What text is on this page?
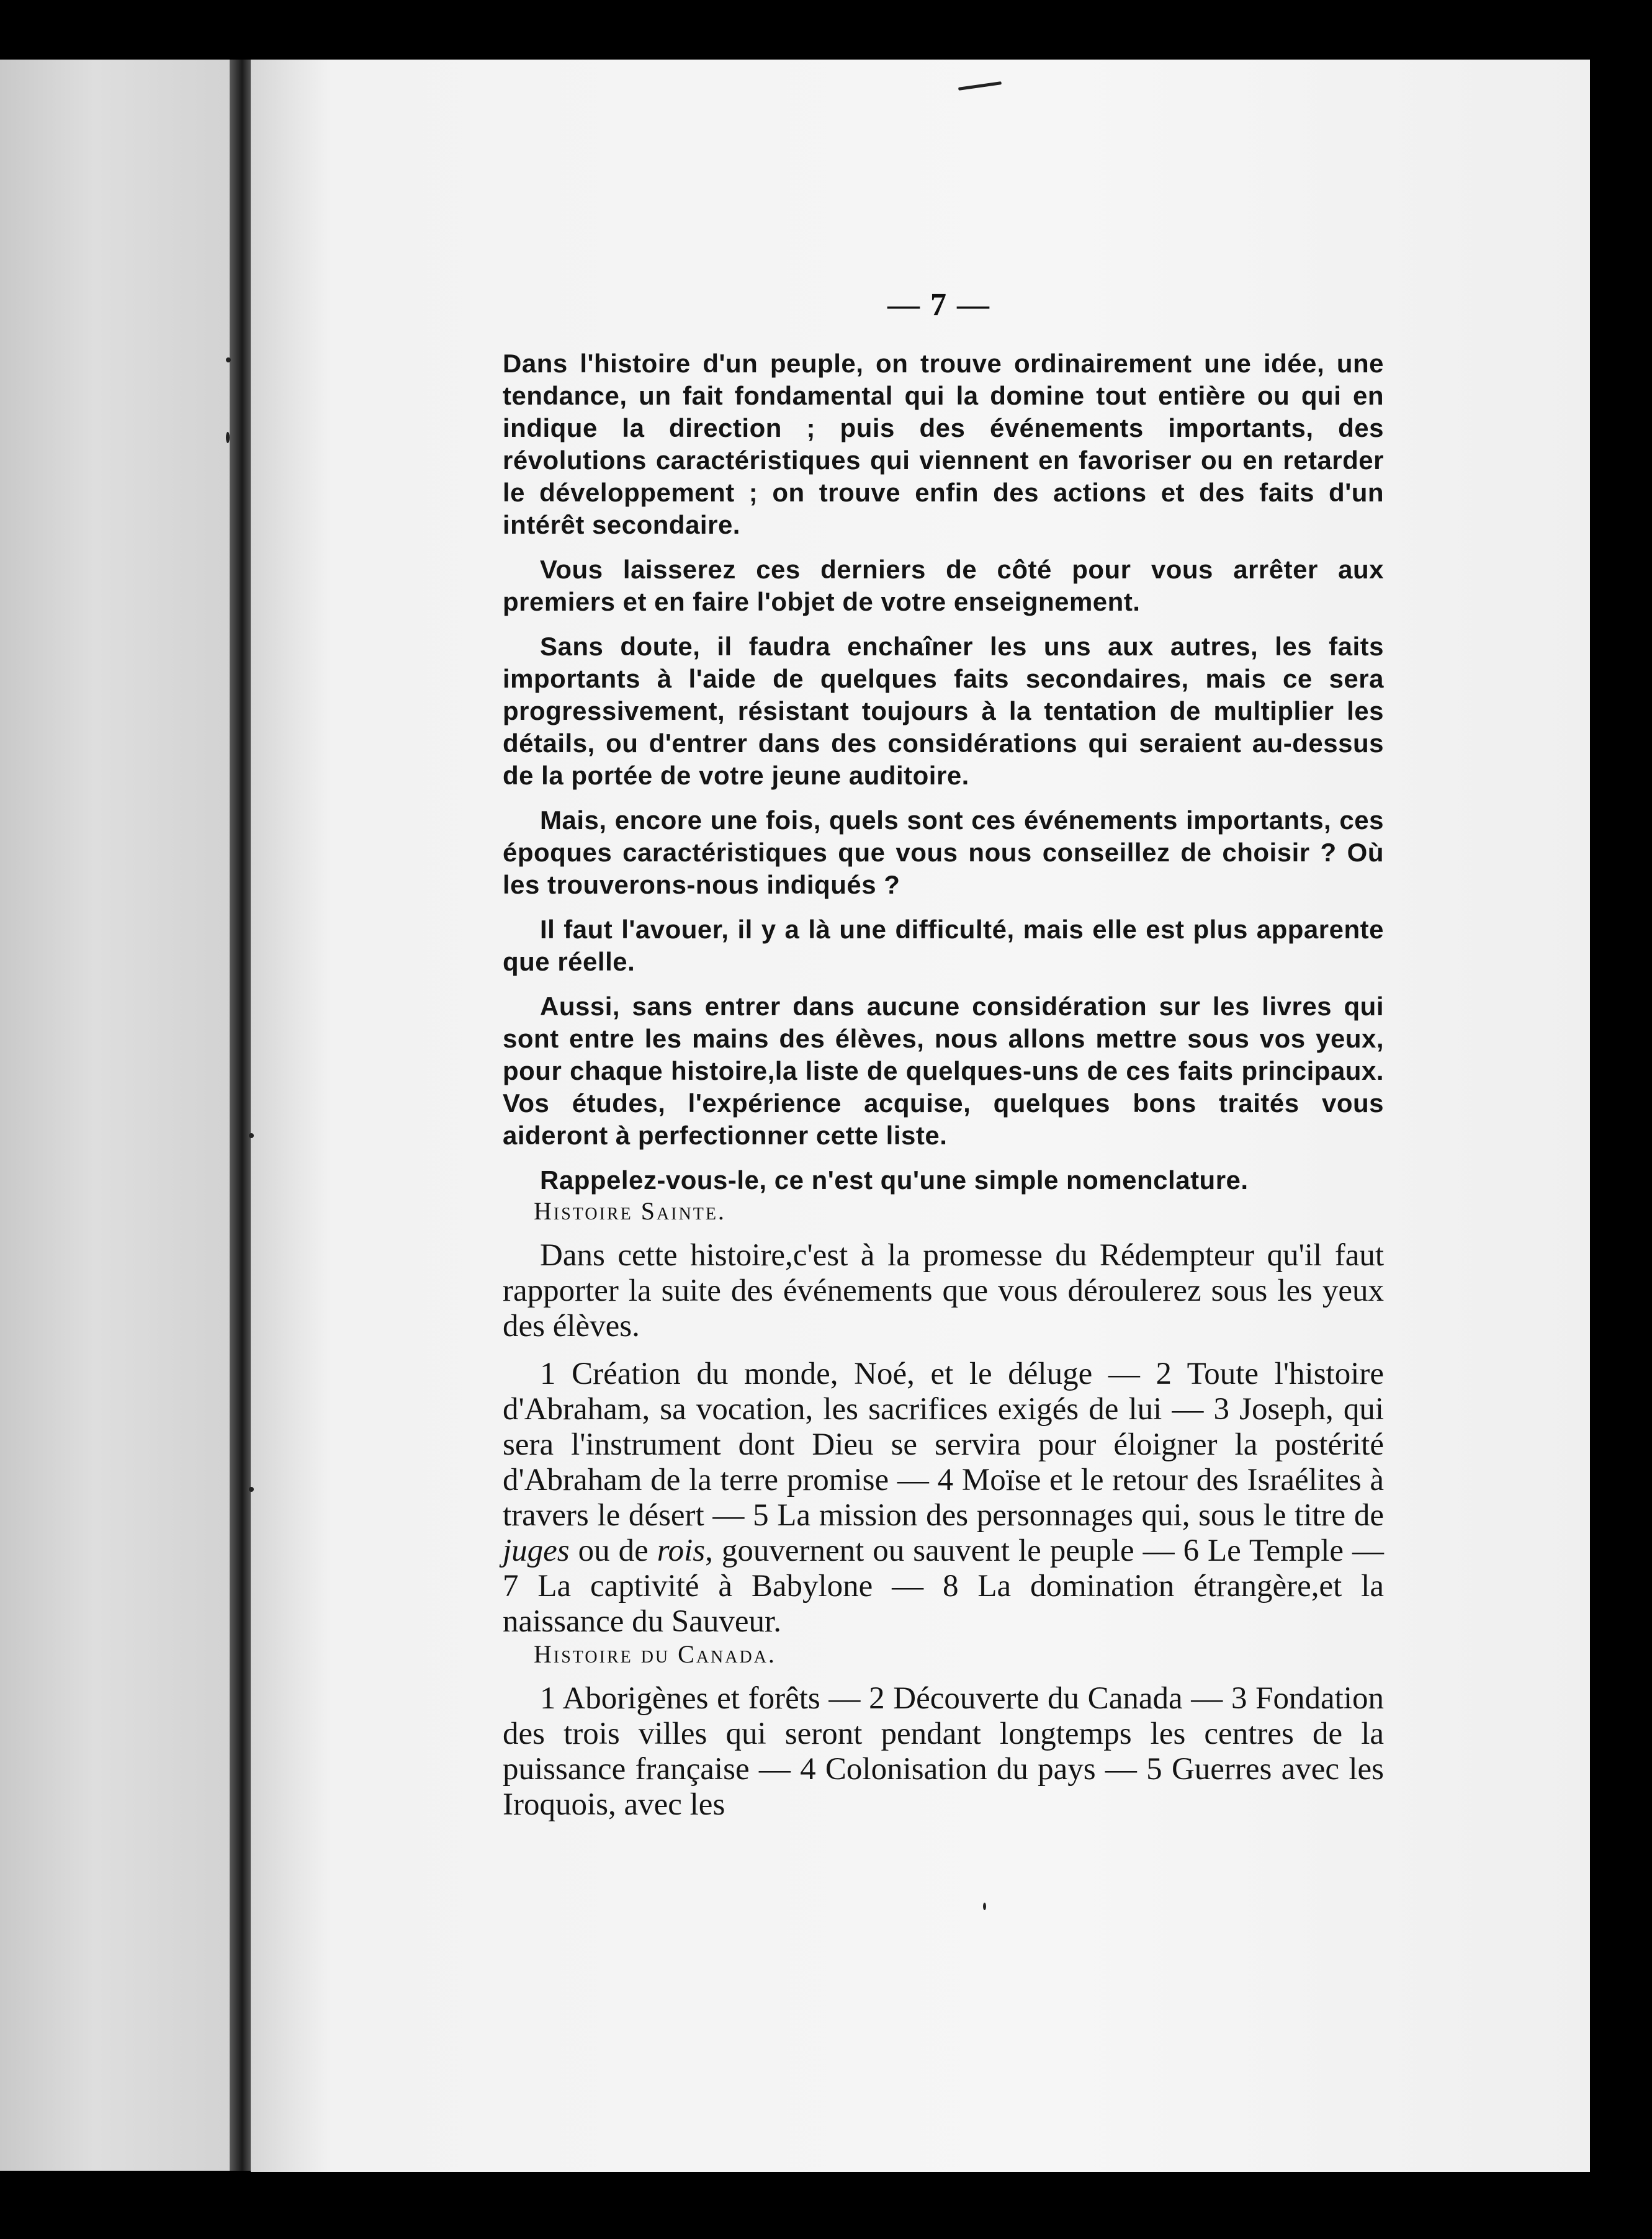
— 7 —

Dans l'histoire d'un peuple, on trouve ordinairement une idée, une tendance, un fait fondamental qui la domine tout entière ou qui en indique la direction ; puis des événements importants, des révolutions caractéristiques qui viennent en favoriser ou en retarder le développement ; on trouve enfin des actions et des faits d'un intérêt secondaire.

Vous laisserez ces derniers de côté pour vous arrêter aux premiers et en faire l'objet de votre enseignement.

Sans doute, il faudra enchaîner les uns aux autres, les faits importants à l'aide de quelques faits secondaires, mais ce sera progressivement, résistant toujours à la tentation de multiplier les détails, ou d'entrer dans des considérations qui seraient au-dessus de la portée de votre jeune auditoire.

Mais, encore une fois, quels sont ces événements importants, ces époques caractéristiques que vous nous conseillez de choisir ? Où les trouverons-nous indiqués ?

Il faut l'avouer, il y a là une difficulté, mais elle est plus apparente que réelle.

Aussi, sans entrer dans aucune considération sur les livres qui sont entre les mains des élèves, nous allons mettre sous vos yeux, pour chaque histoire,la liste de quelques-uns de ces faits principaux. Vos études, l'expérience acquise, quelques bons traités vous aideront à perfectionner cette liste.

Rappelez-vous-le, ce n'est qu'une simple nomenclature.

Histoire Sainte.

Dans cette histoire,c'est à la promesse du Rédempteur qu'il faut rapporter la suite des événements que vous déroulerez sous les yeux des élèves.

1 Création du monde, Noé, et le déluge — 2 Toute l'histoire d'Abraham, sa vocation, les sacrifices exigés de lui — 3 Joseph, qui sera l'instrument dont Dieu se servira pour éloigner la postérité d'Abraham de la terre promise — 4 Moïse et le retour des Israélites à travers le désert — 5 La mission des personnages qui, sous le titre de juges ou de rois, gouvernent ou sauvent le peuple — 6 Le Temple — 7 La captivité à Babylone — 8 La domination étrangère,et la naissance du Sauveur.

Histoire du Canada.

1 Aborigènes et forêts — 2 Découverte du Canada — 3 Fondation des trois villes qui seront pendant longtemps les centres de la puissance française — 4 Colonisation du pays — 5 Guerres avec les Iroquois, avec les
